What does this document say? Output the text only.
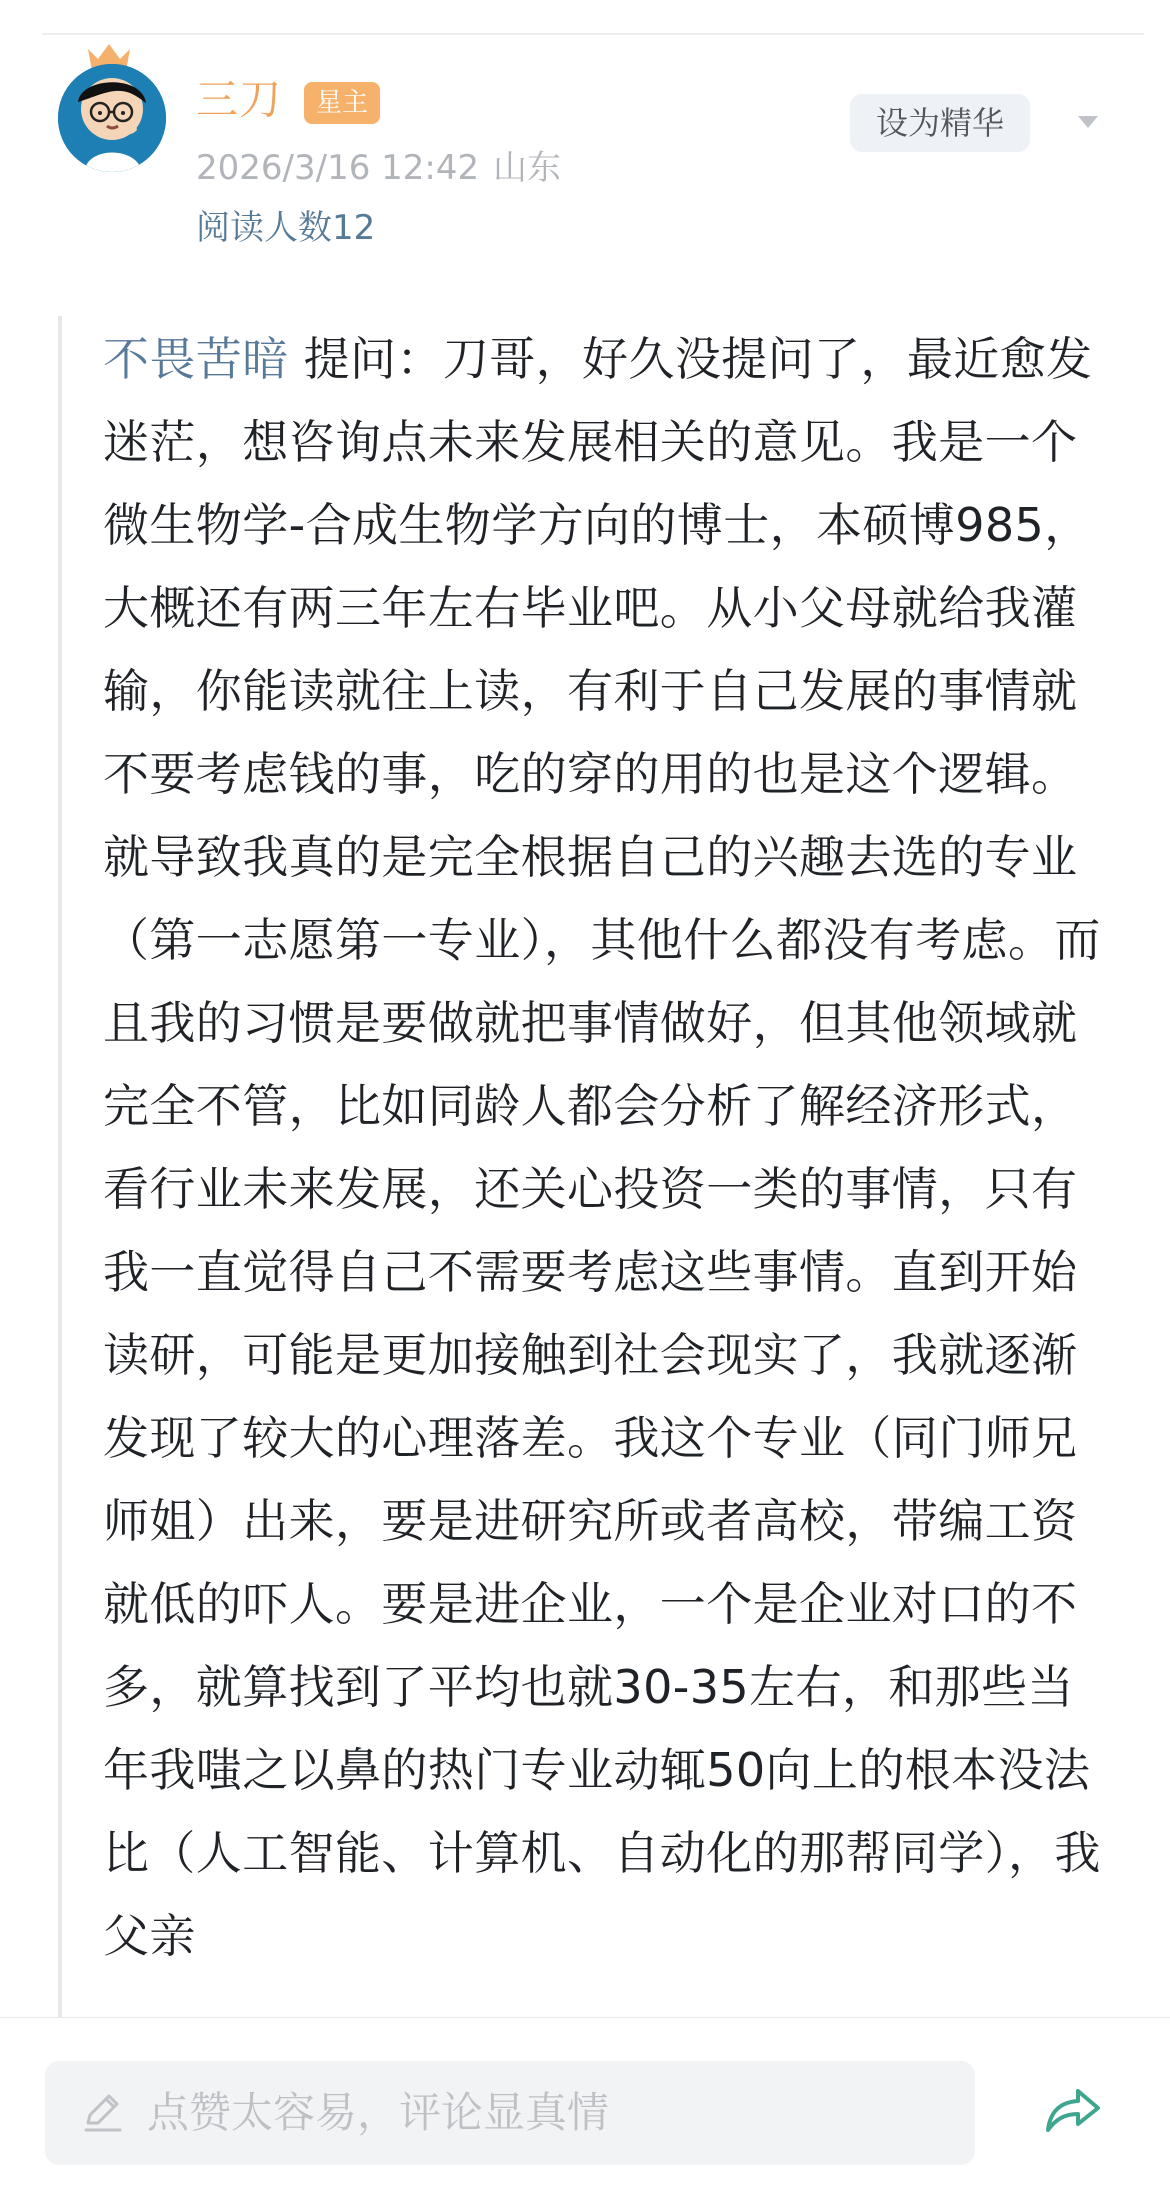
三刀	星主
2026/3/16 12:42 山东
阅读人数12
设为精华
不畏苦暗 提问：刀哥，好久没提问了，最近愈发迷茫，想咨询点未来发展相关的意见。我是一个微生物学-合成生物学方向的博士，本硕博985，大概还有两三年左右毕业吧。从小父母就给我灌输，你能读就往上读，有利于自己发展的事情就不要考虑钱的事，吃的穿的用的也是这个逻辑。就导致我真的是完全根据自己的兴趣去选的专业（第一志愿第一专业），其他什么都没有考虑。而且我的习惯是要做就把事情做好，但其他领域就完全不管，比如同龄人都会分析了解经济形式，看行业未来发展，还关心投资一类的事情，只有我一直觉得自己不需要考虑这些事情。直到开始读研，可能是更加接触到社会现实了，我就逐渐发现了较大的心理落差。我这个专业（同门师兄师姐）出来，要是进研究所或者高校，带编工资就低的吓人。要是进企业，一个是企业对口的不多，就算找到了平均也就30-35左右，和那些当年我嗤之以鼻的热门专业动辄50向上的根本没法比（人工智能、计算机、自动化的那帮同学），我父亲
点赞太容易，评论显真情
